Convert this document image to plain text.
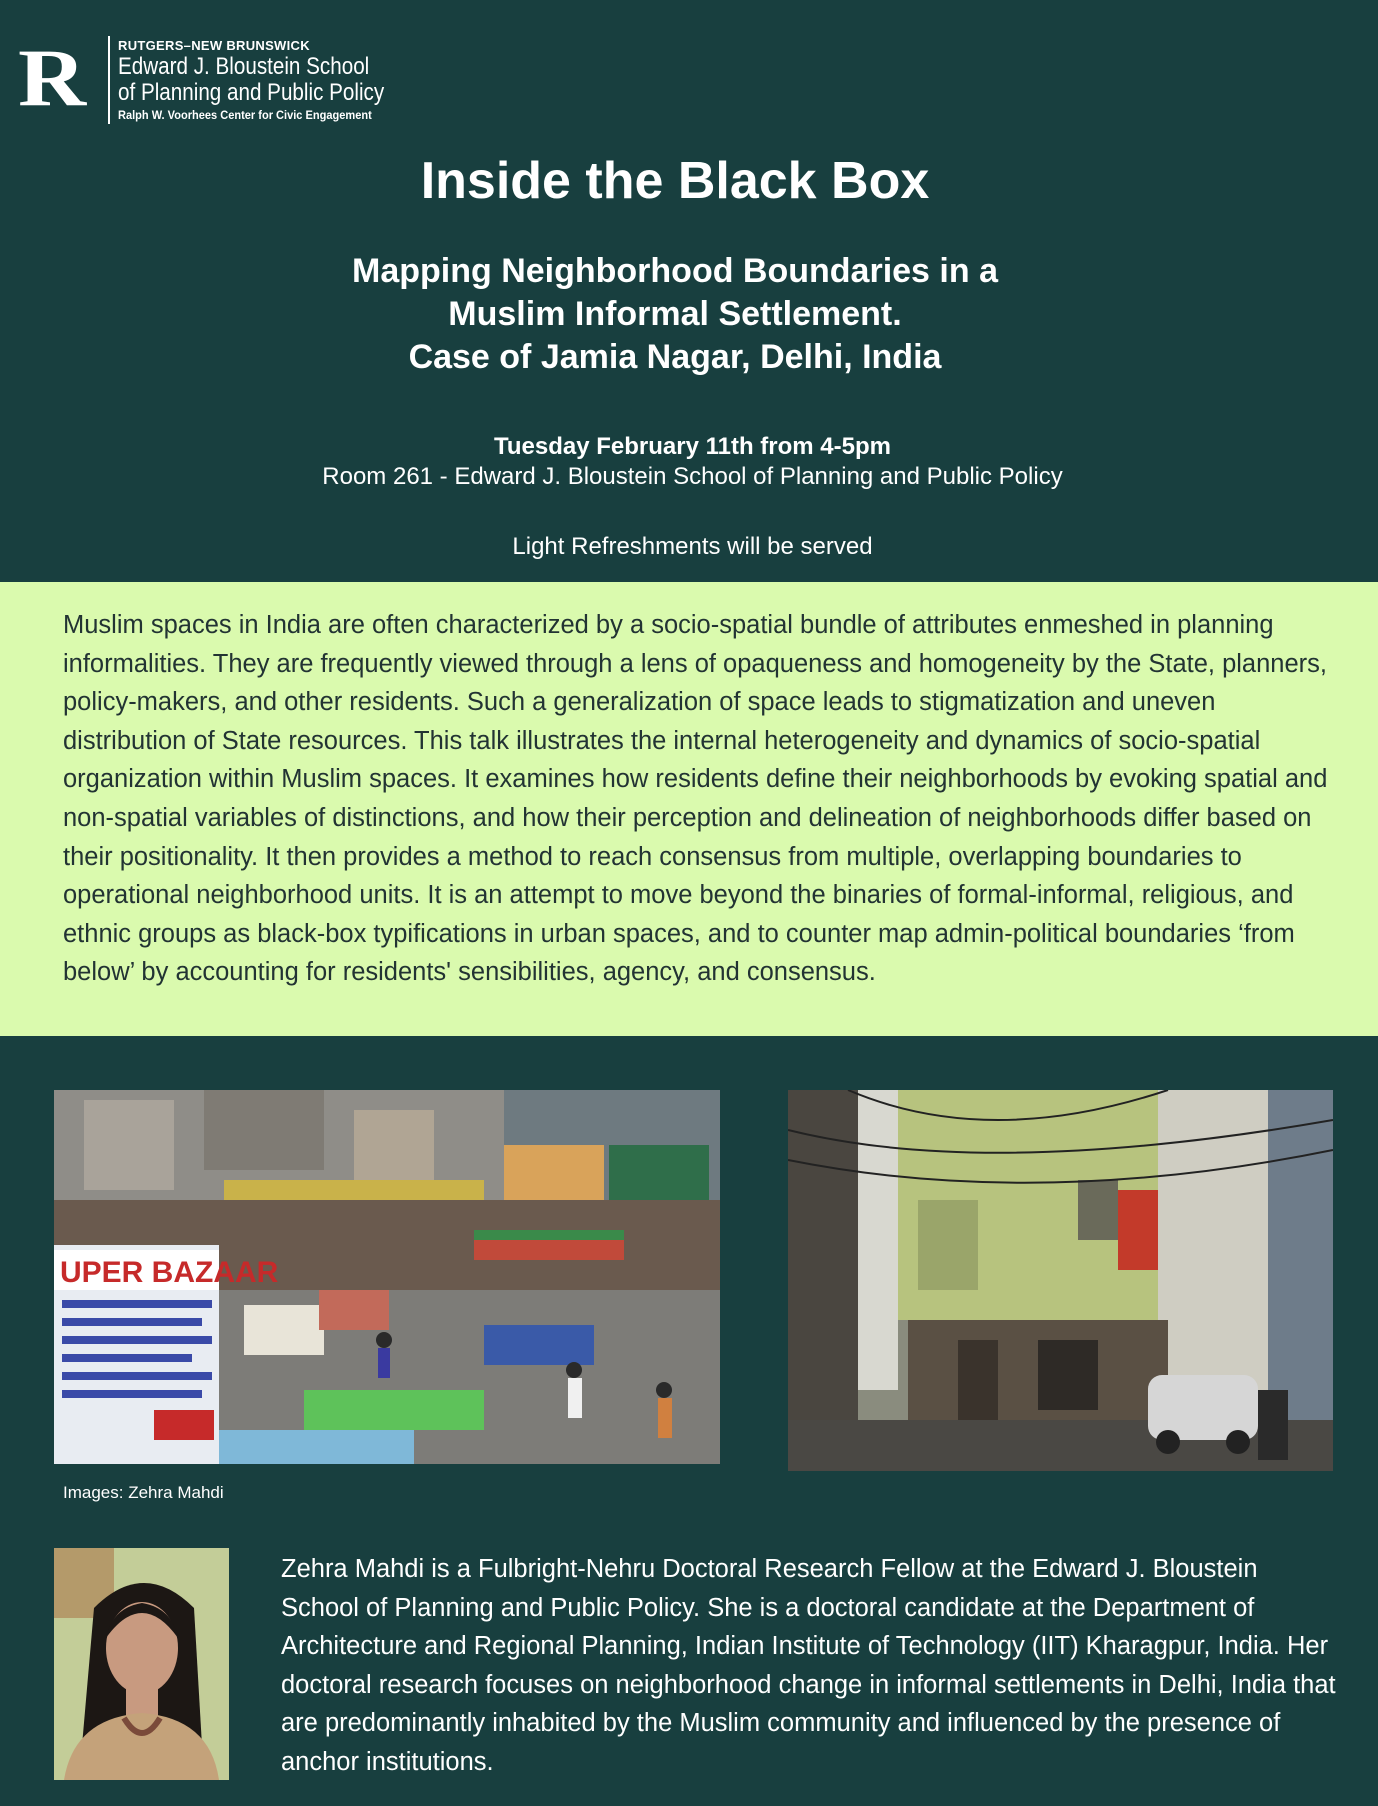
R	RUTGERS–NEW BRUNSWICK
Edward J. Bloustein School
of Planning and Public Policy
Ralph W. Voorhees Center for Civic Engagement
Inside the Black Box
Mapping Neighborhood Boundaries in a
Muslim Informal Settlement.
Case of Jamia Nagar, Delhi, India
Tuesday February 11th from 4-5pm
Room 261 - Edward J. Bloustein School of Planning and Public Policy
Light Refreshments will be served

Muslim spaces in India are often characterized by a socio-spatial bundle of attributes enmeshed in planning informalities. They are frequently viewed through a lens of opaqueness and homogeneity by the State, planners, policy-makers, and other residents. Such a generalization of space leads to stigmatization and uneven distribution of State resources. This talk illustrates the internal heterogeneity and dynamics of socio-spatial organization within Muslim spaces. It examines how residents define their neighborhoods by evoking spatial and non-spatial variables of distinctions, and how their perception and delineation of neighborhoods differ based on their positionality. It then provides a method to reach consensus from multiple, overlapping boundaries to operational neighborhood units. It is an attempt to move beyond the binaries of formal-informal, religious, and ethnic groups as black-box typifications in urban spaces, and to counter map admin-political boundaries ‘from below’ by accounting for residents' sensibilities, agency, and consensus.

UPER BAZAAR
Images: Zehra Mahdi

Zehra Mahdi is a Fulbright-Nehru Doctoral Research Fellow at the Edward J. Bloustein School of Planning and Public Policy. She is a doctoral candidate at the Department of Architecture and Regional Planning, Indian Institute of Technology (IIT) Kharagpur, India. Her doctoral research focuses on neighborhood change in informal settlements in Delhi, India that are predominantly inhabited by the Muslim community and influenced by the presence of anchor institutions.
